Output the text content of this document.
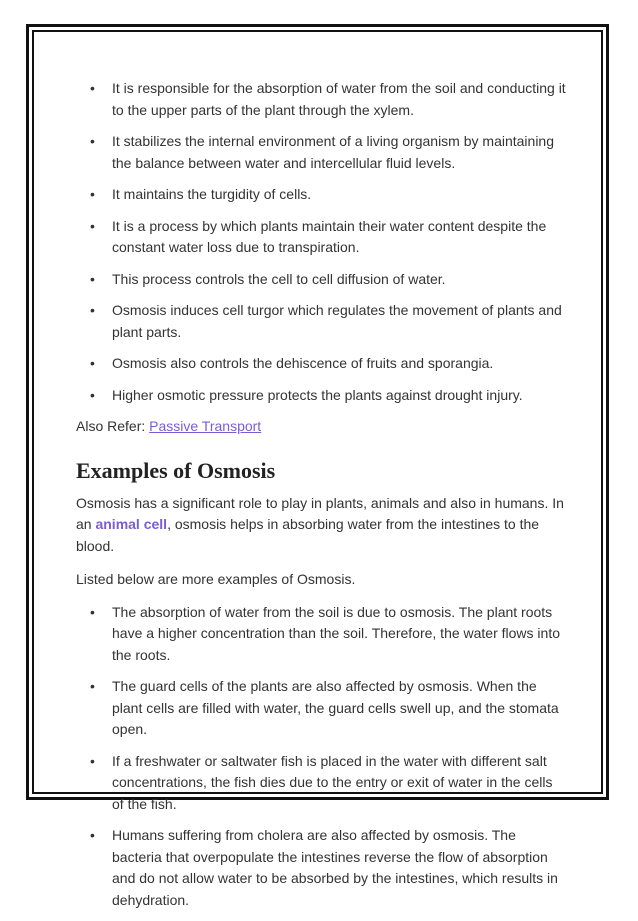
• It is responsible for the absorption of water from the soil and conducting it to the upper parts of the plant through the xylem.
• It stabilizes the internal environment of a living organism by maintaining the balance between water and intercellular fluid levels.
• It maintains the turgidity of cells.
• It is a process by which plants maintain their water content despite the constant water loss due to transpiration.
• This process controls the cell to cell diffusion of water.
• Osmosis induces cell turgor which regulates the movement of plants and plant parts.
• Osmosis also controls the dehiscence of fruits and sporangia.
• Higher osmotic pressure protects the plants against drought injury.

Also Refer: Passive Transport

Examples of Osmosis

Osmosis has a significant role to play in plants, animals and also in humans. In an animal cell, osmosis helps in absorbing water from the intestines to the blood.

Listed below are more examples of Osmosis.

• The absorption of water from the soil is due to osmosis. The plant roots have a higher concentration than the soil. Therefore, the water flows into the roots.
• The guard cells of the plants are also affected by osmosis. When the plant cells are filled with water, the guard cells swell up, and the stomata open.
• If a freshwater or saltwater fish is placed in the water with different salt concentrations, the fish dies due to the entry or exit of water in the cells of the fish.
• Humans suffering from cholera are also affected by osmosis. The bacteria that overpopulate the intestines reverse the flow of absorption and do not allow water to be absorbed by the intestines, which results in dehydration.
